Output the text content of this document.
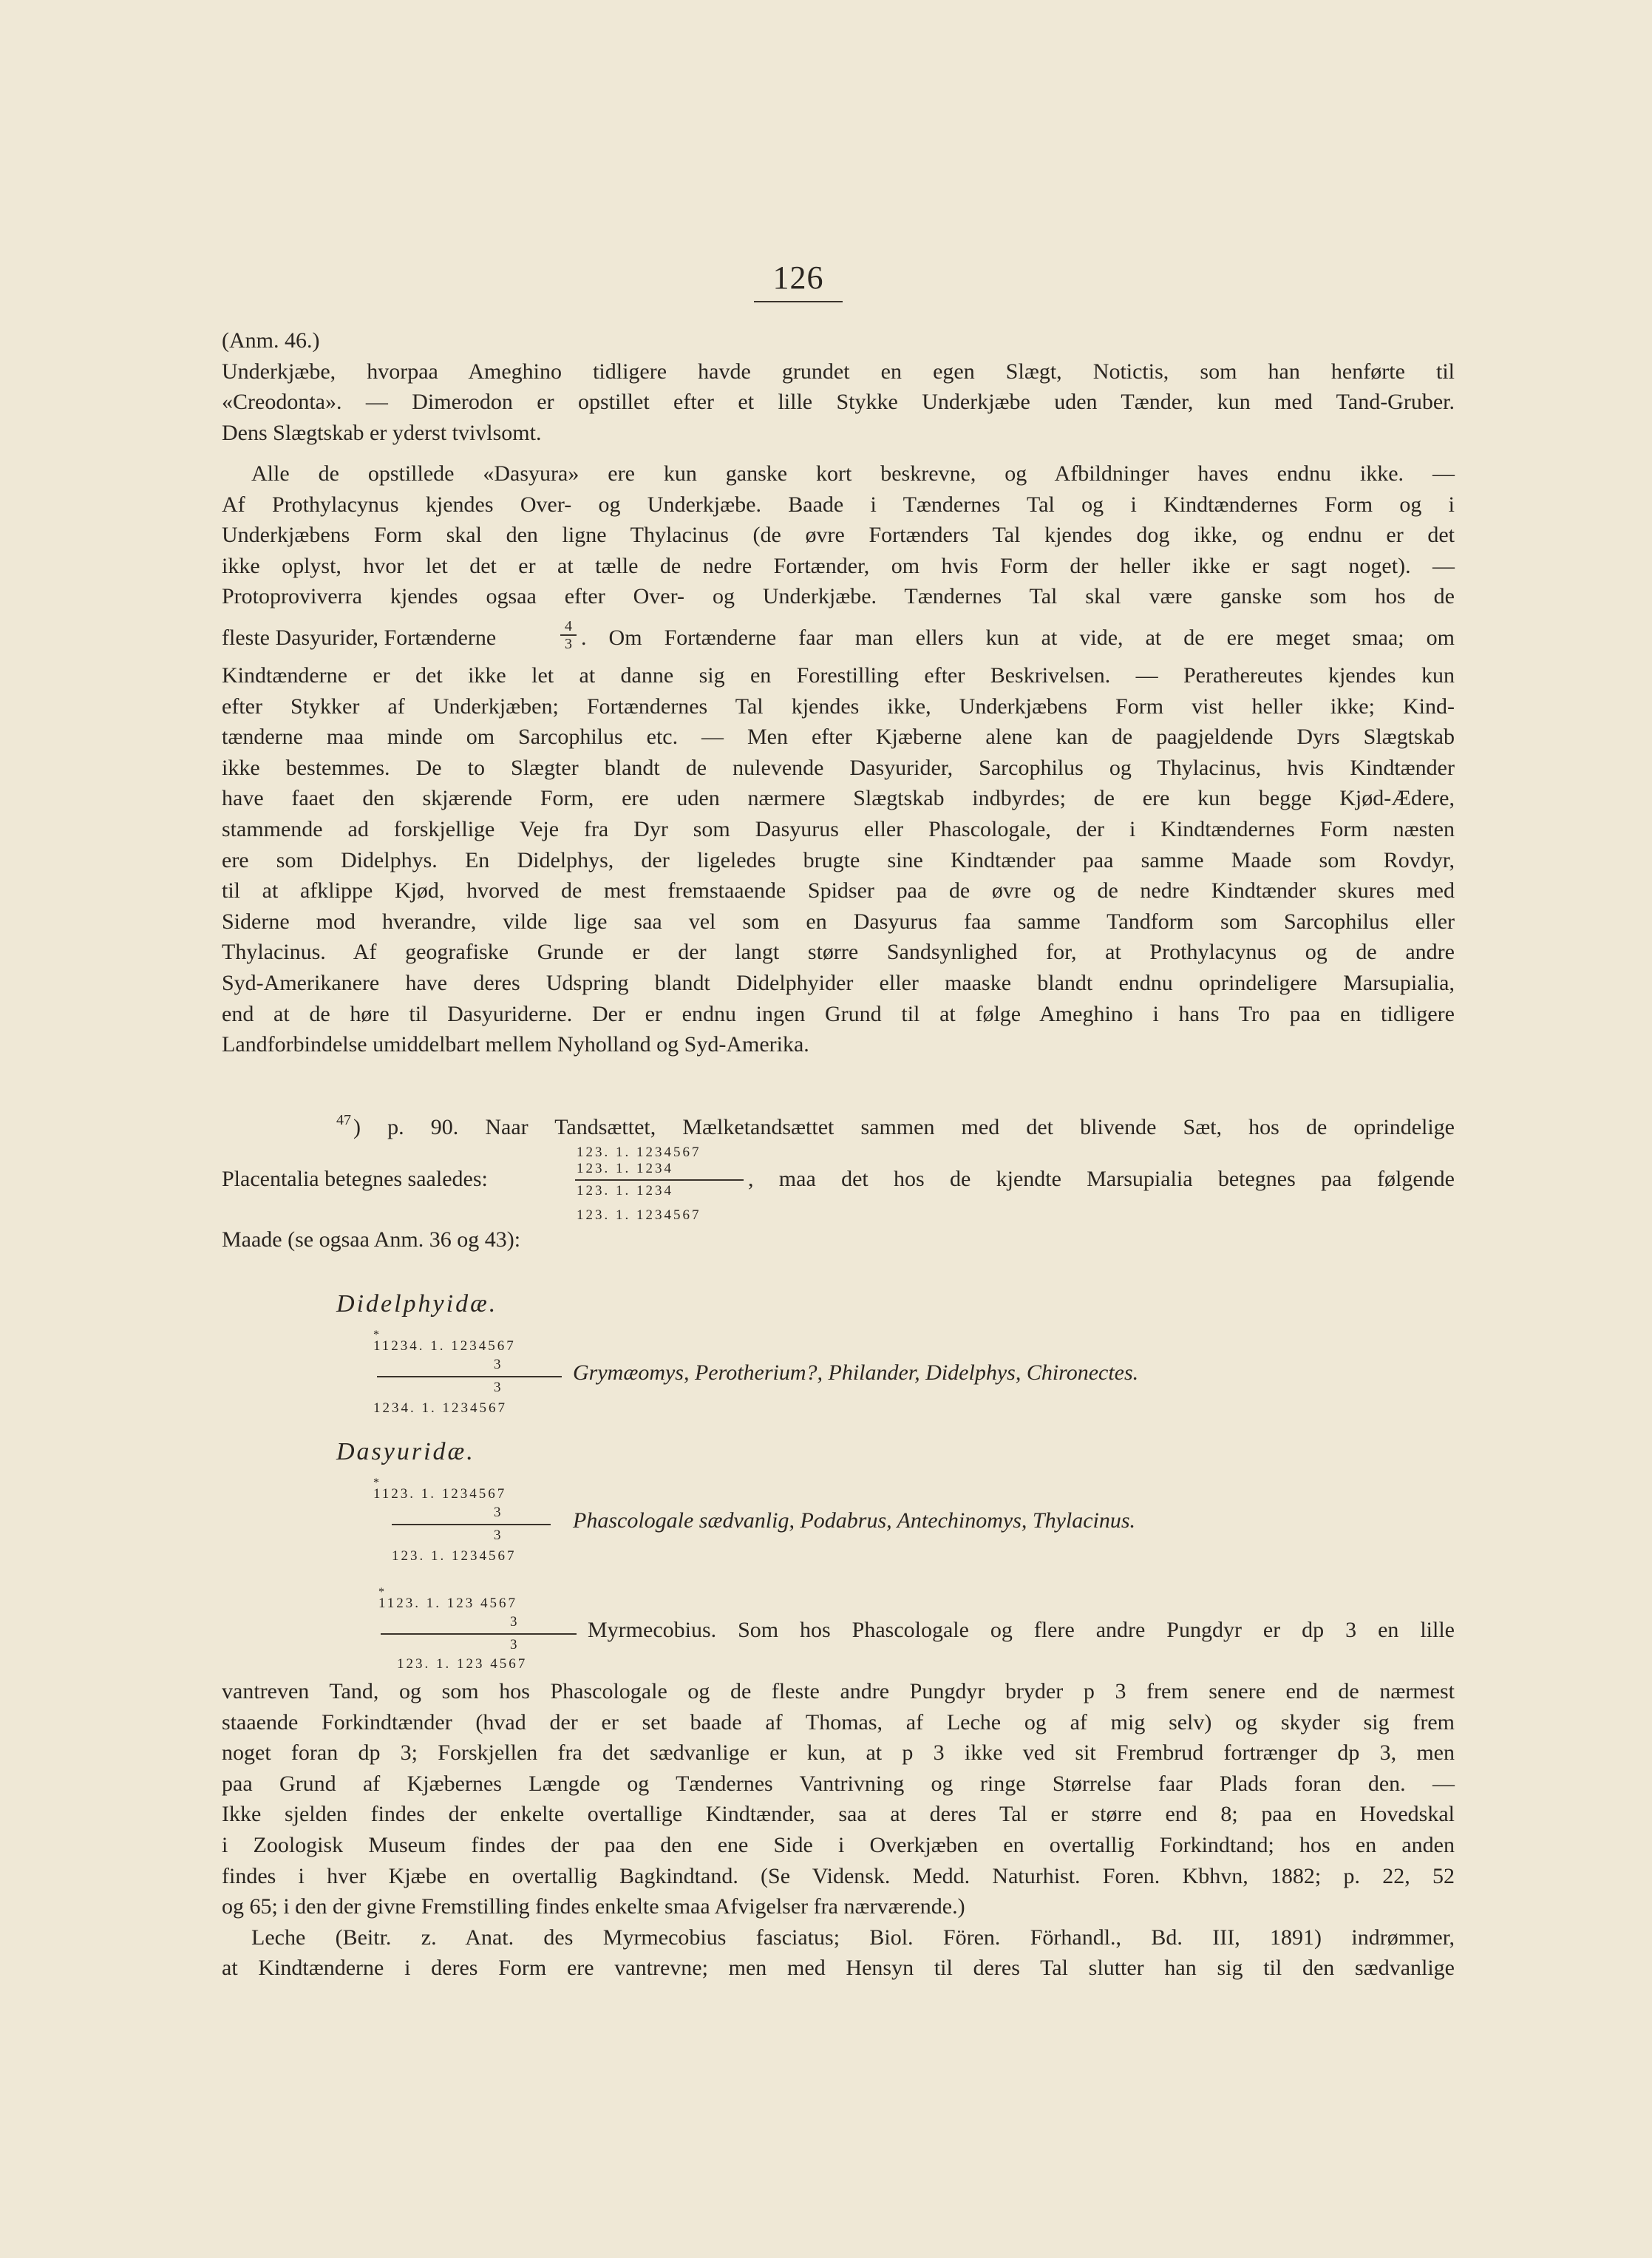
126
(Anm. 46.)
Underkjæbe, hvorpaa Ameghino tidligere havde grundet en egen Slægt, Notictis, som han henførte til
«Creodonta». — Dimerodon er opstillet efter et lille Stykke Underkjæbe uden Tænder, kun med Tand-Gruber.
Dens Slægtskab er yderst tvivlsomt.
Alle de opstillede «Dasyura» ere kun ganske kort beskrevne, og Afbildninger haves endnu ikke. —
Af Prothylacynus kjendes Over- og Underkjæbe. Baade i Tændernes Tal og i Kindtændernes Form og i
Underkjæbens Form skal den ligne Thylacinus (de øvre Fortænders Tal kjendes dog ikke, og endnu er det
ikke oplyst, hvor let det er at tælle de nedre Fortænder, om hvis Form der heller ikke er sagt noget). —
Protoproviverra kjendes ogsaa efter Over- og Underkjæbe. Tændernes Tal skal være ganske som hos de
fleste Dasyurider, Fortænderne	4
3 . Om Fortænderne faar man ellers kun at vide, at de ere meget smaa; om
Kindtænderne er det ikke let at danne sig en Forestilling efter Beskrivelsen. — Perathereutes kjendes kun
efter Stykker af Underkjæben; Fortændernes Tal kjendes ikke, Underkjæbens Form vist heller ikke; Kind-
tænderne maa minde om Sarcophilus etc. — Men efter Kjæberne alene kan de paagjeldende Dyrs Slægtskab
ikke bestemmes. De to Slægter blandt de nulevende Dasyurider, Sarcophilus og Thylacinus, hvis Kindtænder
have faaet den skjærende Form, ere uden nærmere Slægtskab indbyrdes; de ere kun begge Kjød-Ædere,
stammende ad forskjellige Veje fra Dyr som Dasyurus eller Phascologale, der i Kindtændernes Form næsten
ere som Didelphys. En Didelphys, der ligeledes brugte sine Kindtænder paa samme Maade som Rovdyr,
til at afklippe Kjød, hvorved de mest fremstaaende Spidser paa de øvre og de nedre Kindtænder skures med
Siderne mod hverandre, vilde lige saa vel som en Dasyurus faa samme Tandform som Sarcophilus eller
Thylacinus. Af geografiske Grunde er der langt større Sandsynlighed for, at Prothylacynus og de andre
Syd-Amerikanere have deres Udspring blandt Didelphyider eller maaske blandt endnu oprindeligere Marsupialia,
end at de høre til Dasyuriderne. Der er endnu ingen Grund til at følge Ameghino i hans Tro paa en tidligere
Landforbindelse umiddelbart mellem Nyholland og Syd-Amerika.
47 ) p. 90. Naar Tandsættet, Mælketandsættet sammen med det blivende Sæt, hos de oprindelige
123. 1. 1234567
123. 1. 1234
123. 1. 1234
123. 1. 1234567
Placentalia betegnes saaledes:	, maa det hos de kjendte Marsupialia betegnes paa følgende
Maade (se ogsaa Anm. 36 og 43):
Didelphyidæ.
*
11234. 1. 1234567
3
3
1234. 1. 1234567
Grymæomys, Perotherium?, Philander, Didelphys, Chironectes.
Dasyuridæ.
*
1123. 1. 1234567
3
3
123. 1. 1234567
Phascologale sædvanlig, Podabrus, Antechinomys, Thylacinus.
*
1123. 1. 123 4567
3
3
123. 1. 123 4567
Myrmecobius. Som hos Phascologale og flere andre Pungdyr er dp 3 en lille
vantreven Tand, og som hos Phascologale og de fleste andre Pungdyr bryder p 3 frem senere end de nærmest
staaende Forkindtænder (hvad der er set baade af Thomas, af Leche og af mig selv) og skyder sig frem
noget foran dp 3; Forskjellen fra det sædvanlige er kun, at p 3 ikke ved sit Frembrud fortrænger dp 3, men
paa Grund af Kjæbernes Længde og Tændernes Vantrivning og ringe Størrelse faar Plads foran den. —
Ikke sjelden findes der enkelte overtallige Kindtænder, saa at deres Tal er større end 8; paa en Hovedskal
i Zoologisk Museum findes der paa den ene Side i Overkjæben en overtallig Forkindtand; hos en anden
findes i hver Kjæbe en overtallig Bagkindtand. (Se Vidensk. Medd. Naturhist. Foren. Kbhvn, 1882; p. 22, 52
og 65; i den der givne Fremstilling findes enkelte smaa Afvigelser fra nærværende.)
Leche (Beitr. z. Anat. des Myrmecobius fasciatus; Biol. Fören. Förhandl., Bd. III, 1891) indrømmer,
at Kindtænderne i deres Form ere vantrevne; men med Hensyn til deres Tal slutter han sig til den sædvanlige
